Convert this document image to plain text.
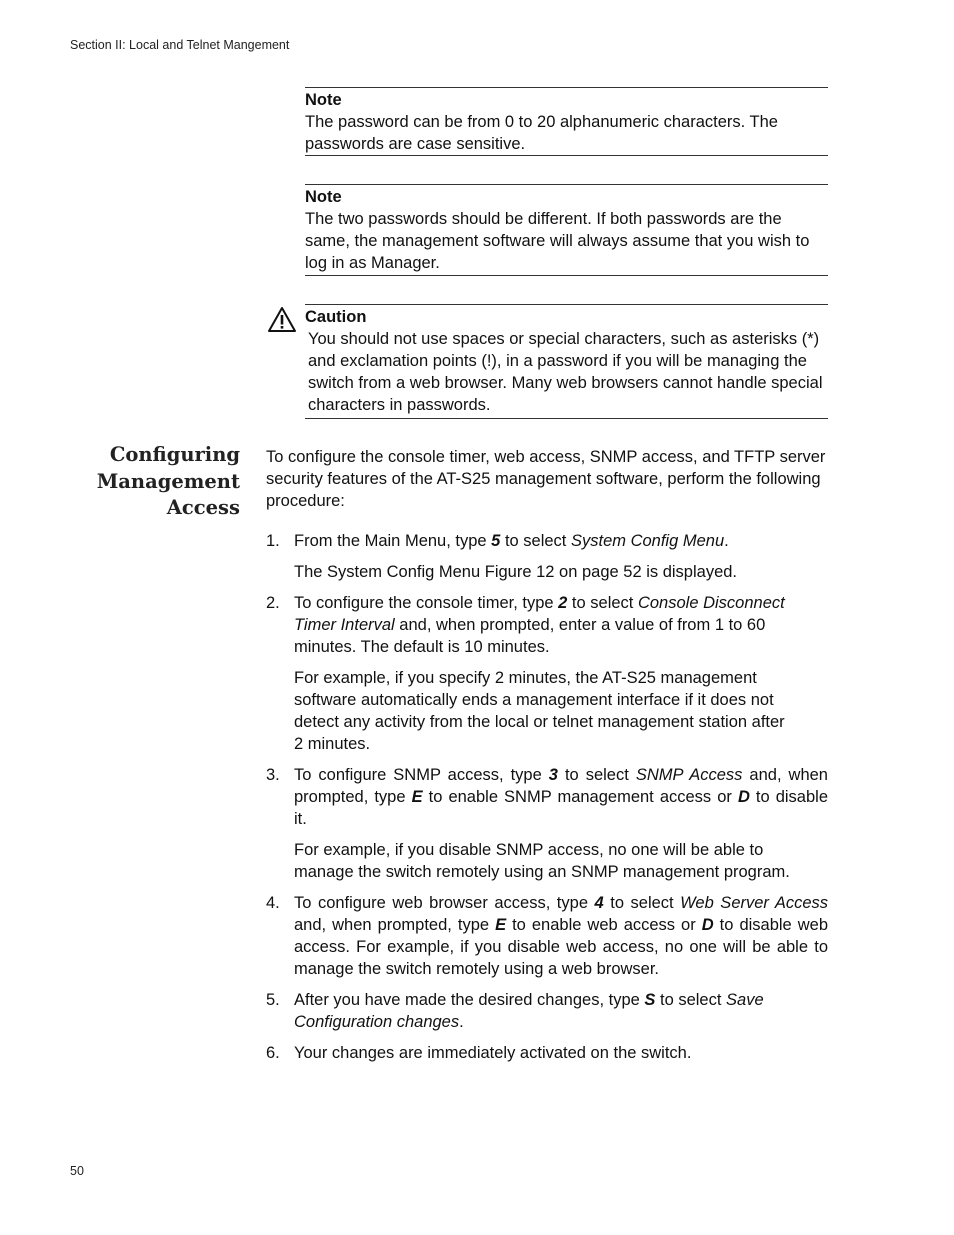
Section II: Local and Telnet Mangement
Note
The password can be from 0 to 20 alphanumeric characters. The passwords are case sensitive.
Note
The two passwords should be different. If both passwords are the same, the management software will always assume that you wish to log in as Manager.
Caution
You should not use spaces or special characters, such as asterisks (*) and exclamation points (!), in a password if you will be managing the switch from a web browser. Many web browsers cannot handle special characters in passwords.
Configuring
Management
Access
To configure the console timer, web access, SNMP access, and TFTP server security features of the AT-S25 management software, perform the following procedure:
1. From the Main Menu, type 5 to select System Config Menu.

The System Config Menu Figure 12 on page 52 is displayed.

2. To configure the console timer, type 2 to select Console Disconnect Timer Interval and, when prompted, enter a value of from 1 to 60 minutes. The default is 10 minutes.

For example, if you specify 2 minutes, the AT-S25 management software automatically ends a management interface if it does not detect any activity from the local or telnet management station after 2 minutes.

3. To configure SNMP access, type 3 to select SNMP Access and, when prompted, type E to enable SNMP management access or D to disable it.

For example, if you disable SNMP access, no one will be able to manage the switch remotely using an SNMP management program.

4. To configure web browser access, type 4 to select Web Server Access and, when prompted, type E to enable web access or D to disable web access. For example, if you disable web access, no one will be able to manage the switch remotely using a web browser.

5. After you have made the desired changes, type S to select Save Configuration changes.

6. Your changes are immediately activated on the switch.

50
